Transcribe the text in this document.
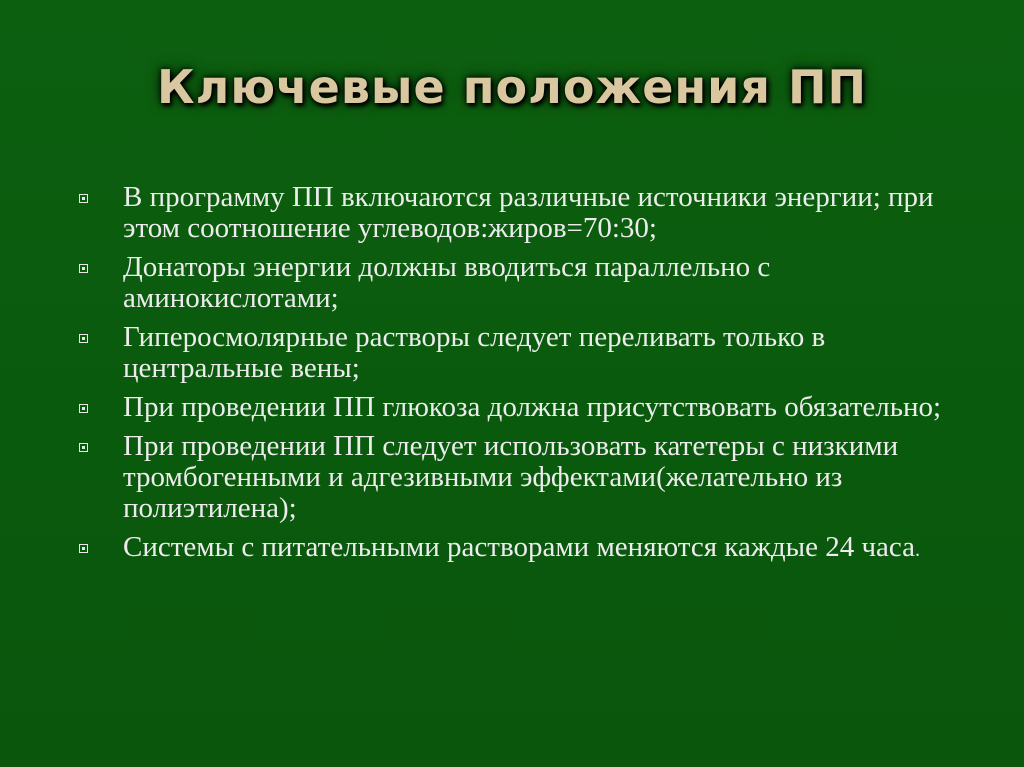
Ключевые положения ПП
В программу ПП включаются различные источники энергии; при этом соотношение углеводов:жиров=70:30;
Донаторы энергии должны вводиться параллельно с аминокислотами;
Гиперосмолярные растворы следует переливать только в центральные вены;
При проведении ПП глюкоза должна присутствовать обязательно;
При проведении ПП следует использовать катетеры с низкими тромбогенными и адгезивными эффектами(желательно из полиэтилена);
Системы с питательными растворами меняются каждые 24 часа.
